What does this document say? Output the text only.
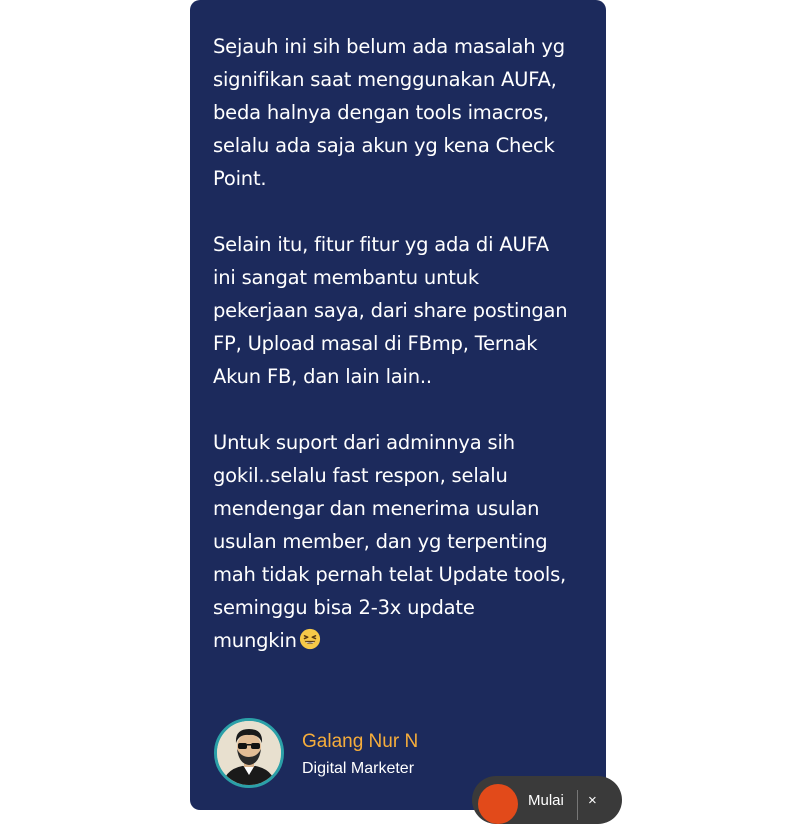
Sejauh ini sih belum ada masalah yg
signifikan saat menggunakan AUFA,
beda halnya dengan tools imacros,
selalu ada saja akun yg kena Check
Point.

Selain itu, fitur fitur yg ada di AUFA
ini sangat membantu untuk
pekerjaan saya, dari share postingan
FP, Upload masal di FBmp, Ternak
Akun FB, dan lain lain..

Untuk suport dari adminnya sih
gokil..selalu fast respon, selalu
mendengar dan menerima usulan
usulan member, dan yg terpenting
mah tidak pernah telat Update tools,
seminggu bisa 2-3x update
mungkin

Galang Nur N
Digital Marketer
Mulai ×
